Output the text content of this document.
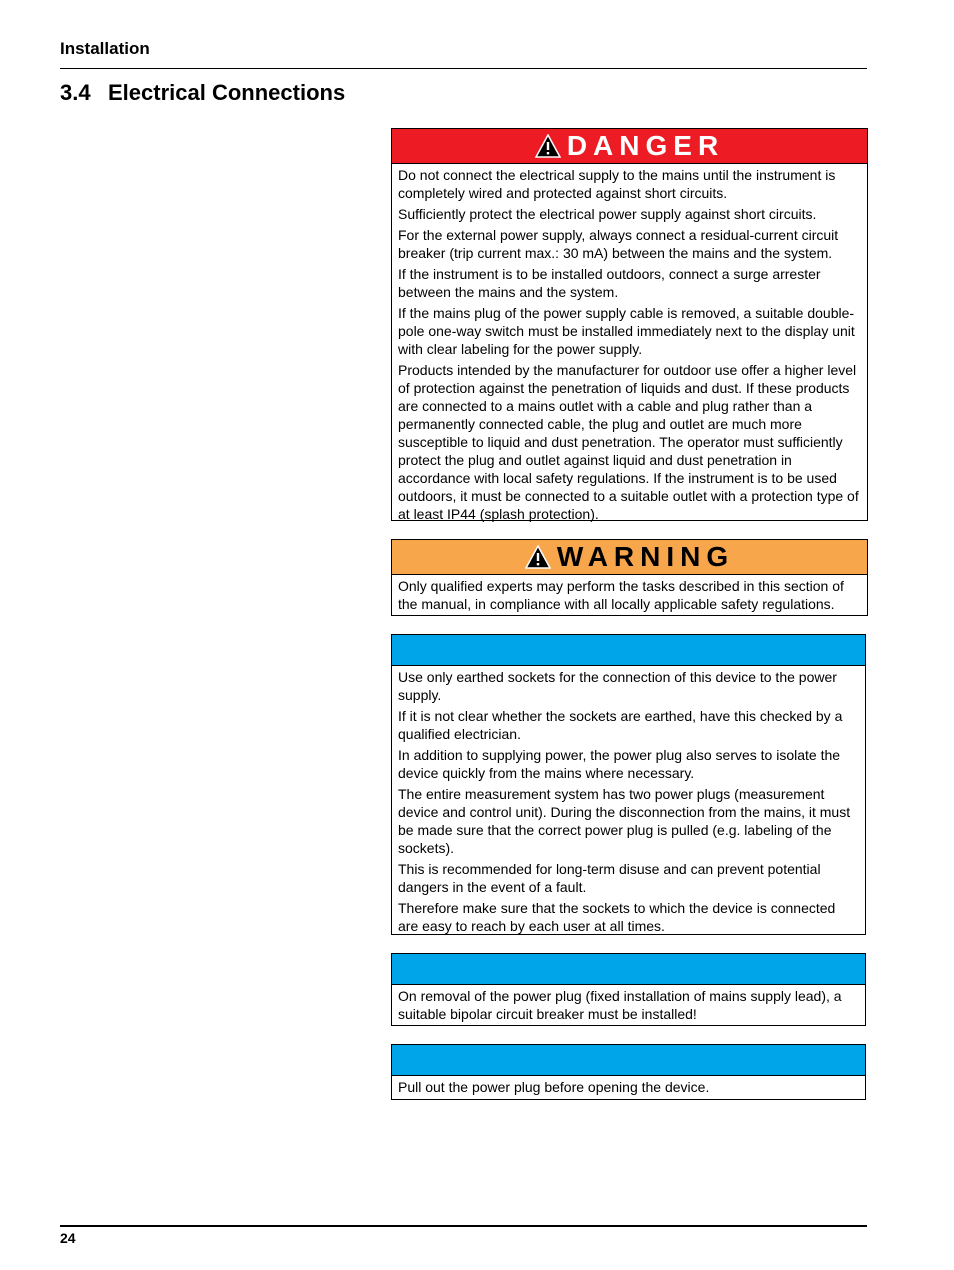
Installation
3.4 Electrical Connections
DANGER

Do not connect the electrical supply to the mains until the instrument is completely wired and protected against short circuits.

Sufficiently protect the electrical power supply against short circuits.

For the external power supply, always connect a residual-current circuit breaker (trip current max.: 30 mA) between the mains and the system.

If the instrument is to be installed outdoors, connect a surge arrester between the mains and the system.

If the mains plug of the power supply cable is removed, a suitable double-pole one-way switch must be installed immediately next to the display unit with clear labeling for the power supply.

Products intended by the manufacturer for outdoor use offer a higher level of protection against the penetration of liquids and dust. If these products are connected to a mains outlet with a cable and plug rather than a permanently connected cable, the plug and outlet are much more susceptible to liquid and dust penetration. The operator must sufficiently protect the plug and outlet against liquid and dust penetration in accordance with local safety regulations. If the instrument is to be used outdoors, it must be connected to a suitable outlet with a protection type of at least IP44 (splash protection).

WARNING

Only qualified experts may perform the tasks described in this section of the manual, in compliance with all locally applicable safety regulations.

Use only earthed sockets for the connection of this device to the power supply.

If it is not clear whether the sockets are earthed, have this checked by a qualified electrician.

In addition to supplying power, the power plug also serves to isolate the device quickly from the mains where necessary.

The entire measurement system has two power plugs (measurement device and control unit). During the disconnection from the mains, it must be made sure that the correct power plug is pulled (e.g. labeling of the sockets).

This is recommended for long-term disuse and can prevent potential dangers in the event of a fault.

Therefore make sure that the sockets to which the device is connected are easy to reach by each user at all times.

On removal of the power plug (fixed installation of mains supply lead), a suitable bipolar circuit breaker must be installed!

Pull out the power plug before opening the device.

24
